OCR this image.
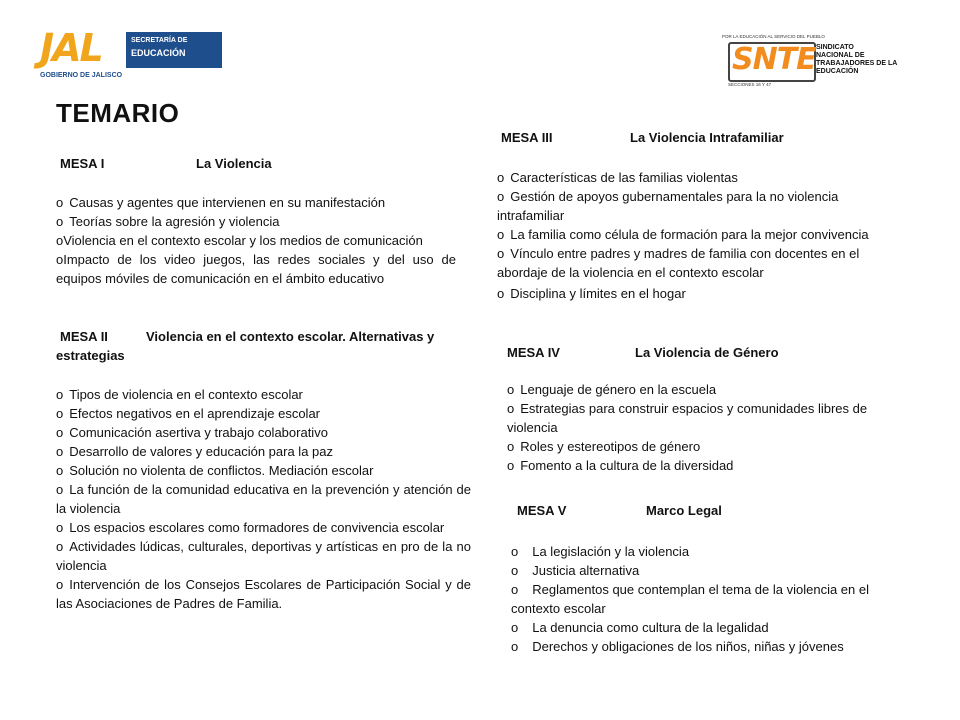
JAL	SECRETARÍA DE
EDUCACIÓN
GOBIERNO DE JALISCO
POR LA EDUCACIÓN AL SERVICIO DEL PUEBLO
SNTE SINDICATO
NACIONAL DE
TRABAJADORES DE LA
EDUCACIÓN
SECCIONES 16 Y 47
TEMARIO
MESA I	La Violencia
o Causas y agentes que intervienen en su manifestación
o Teorías sobre la agresión y violencia
oViolencia en el contexto escolar y los medios de comunicación
oImpacto de los video juegos, las redes sociales y del uso de equipos móviles de comunicación en el ámbito educativo
MESA II	Violencia en el contexto escolar. Alternativas y estrategias
o Tipos de violencia en el contexto escolar
o Efectos negativos en el aprendizaje escolar
o Comunicación asertiva y trabajo colaborativo
o Desarrollo de valores y educación para la paz
o Solución no violenta de conflictos. Mediación escolar
o La función de la comunidad educativa en la prevención y atención de la violencia
o Los espacios escolares como formadores de convivencia escolar
o Actividades lúdicas, culturales, deportivas y artísticas en pro de la no violencia
o Intervención de los Consejos Escolares de Participación Social y de las Asociaciones de Padres de Familia.
MESA III	La Violencia Intrafamiliar
o Características de las familias violentas
o Gestión de apoyos gubernamentales para la no violencia intrafamiliar
o La familia como célula de formación para la mejor convivencia
o Vínculo entre padres y madres de familia con docentes en el abordaje de la violencia en el contexto escolar
o Disciplina y límites en el hogar
MESA IV	La Violencia de Género
o Lenguaje de género en la escuela
o Estrategias para construir espacios y comunidades libres de violencia
o Roles y estereotipos de género
o Fomento a la cultura de la diversidad
MESA V	Marco Legal
o La legislación y la violencia
o Justicia alternativa
o Reglamentos que contemplan el tema de la violencia en el contexto escolar
o La denuncia como cultura de la legalidad
o Derechos y obligaciones de los niños, niñas y jóvenes
